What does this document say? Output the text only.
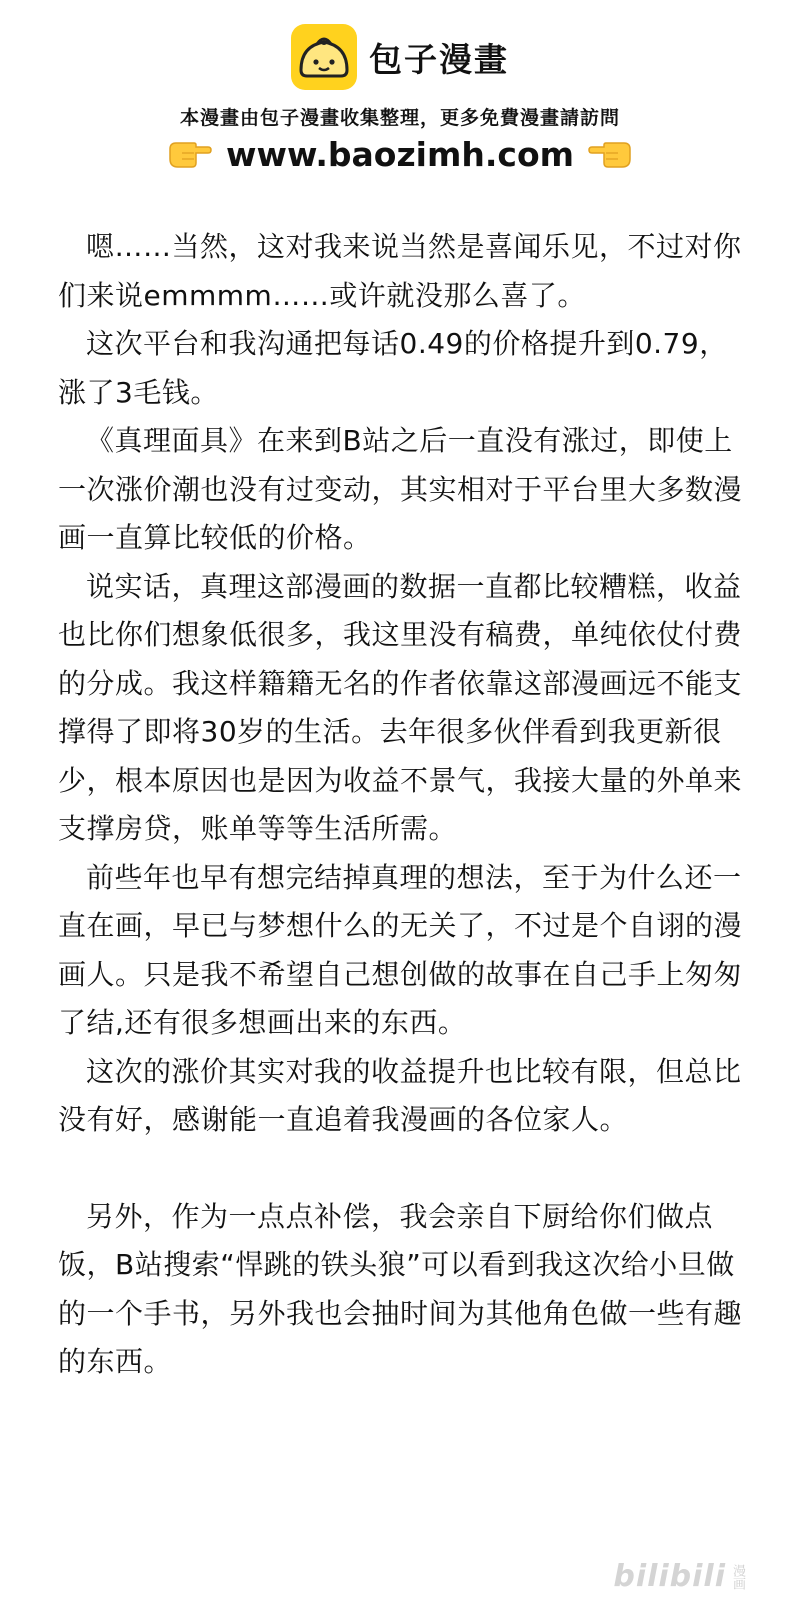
包子漫畫
本漫畫由包子漫畫收集整理，更多免費漫畫請訪問
www.baozimh.com

嗯……当然，这对我来说当然是喜闻乐见，不过对你们来说emmmm……或许就没那么喜了。

这次平台和我沟通把每话0.49的价格提升到0.79，涨了3毛钱。

《真理面具》在来到B站之后一直没有涨过，即使上一次涨价潮也没有过变动，其实相对于平台里大多数漫画一直算比较低的价格。

说实话，真理这部漫画的数据一直都比较糟糕，收益也比你们想象低很多，我这里没有稿费，单纯依仗付费的分成。我这样籍籍无名的作者依靠这部漫画远不能支撑得了即将30岁的生活。去年很多伙伴看到我更新很少，根本原因也是因为收益不景气，我接大量的外单来支撑房贷，账单等等生活所需。

前些年也早有想完结掉真理的想法，至于为什么还一直在画，早已与梦想什么的无关了，不过是个自诩的漫画人。只是我不希望自己想创做的故事在自己手上匆匆了结,还有很多想画出来的东西。

这次的涨价其实对我的收益提升也比较有限，但总比没有好，感谢能一直追着我漫画的各位家人。

另外，作为一点点补偿，我会亲自下厨给你们做点饭，B站搜索“悍跳的铁头狼”可以看到我这次给小旦做的一个手书，另外我也会抽时间为其他角色做一些有趣的东西。

bilibili 漫画
